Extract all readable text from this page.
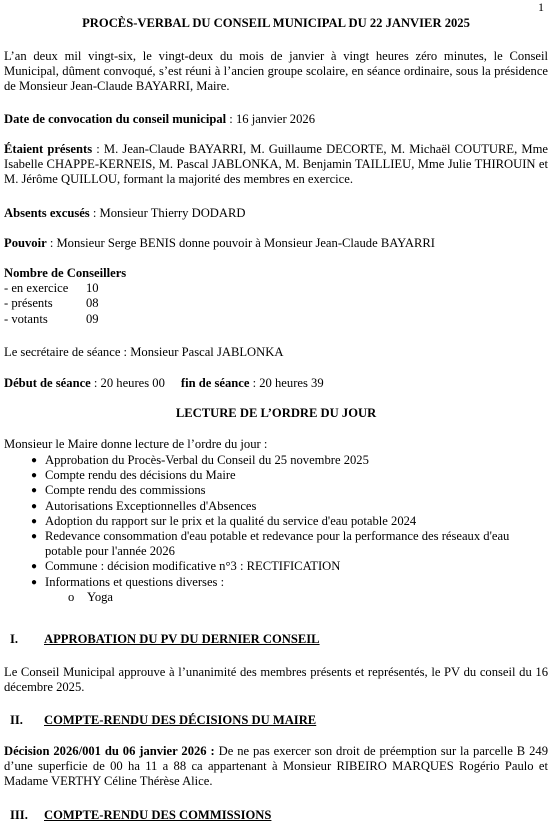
1
PROCÈS-VERBAL DU CONSEIL MUNICIPAL DU 22 JANVIER 2025
L’an deux mil vingt-six, le vingt-deux du mois de janvier à vingt heures zéro minutes, le Conseil Municipal, dûment convoqué, s’est réuni à l’ancien groupe scolaire, en séance ordinaire, sous la présidence de Monsieur Jean-Claude BAYARRI, Maire.
Date de convocation du conseil municipal : 16 janvier 2026
Étaient présents : M. Jean-Claude BAYARRI, M. Guillaume DECORTE, M. Michaël COUTURE, Mme Isabelle CHAPPE-KERNEIS, M. Pascal JABLONKA, M. Benjamin TAILLIEU, Mme Julie THIROUIN et M. Jérôme QUILLOU, formant la majorité des membres en exercice.
Absents excusés : Monsieur Thierry DODARD
Pouvoir : Monsieur Serge BENIS donne pouvoir à Monsieur Jean-Claude BAYARRI
Nombre de Conseillers
- en exercice 10
- présents	08
- votants	09
Le secrétaire de séance : Monsieur Pascal JABLONKA
Début de séance : 20 heures 00 fin de séance : 20 heures 39
LECTURE DE L’ORDRE DU JOUR
Monsieur le Maire donne lecture de l’ordre du jour :
● Approbation du Procès-Verbal du Conseil du 25 novembre 2025
● Compte rendu des décisions du Maire
● Compte rendu des commissions
● Autorisations Exceptionnelles d'Absences
● Adoption du rapport sur le prix et la qualité du service d'eau potable 2024
● Redevance consommation d'eau potable et redevance pour la performance des réseaux d'eau potable pour l'année 2026
● Commune : décision modificative n°3 : RECTIFICATION
● Informations et questions diverses :
o Yoga
I. APPROBATION DU PV DU DERNIER CONSEIL
Le Conseil Municipal approuve à l’unanimité des membres présents et représentés, le PV du conseil du 16 décembre 2025.
II. COMPTE-RENDU DES DÉCISIONS DU MAIRE
Décision 2026/001 du 06 janvier 2026 : De ne pas exercer son droit de préemption sur la parcelle B 249 d’une superficie de 00 ha 11 a 88 ca appartenant à Monsieur RIBEIRO MARQUES Rogério Paulo et Madame VERTHY Céline Thérèse Alice.
III. COMPTE-RENDU DES COMMISSIONS
